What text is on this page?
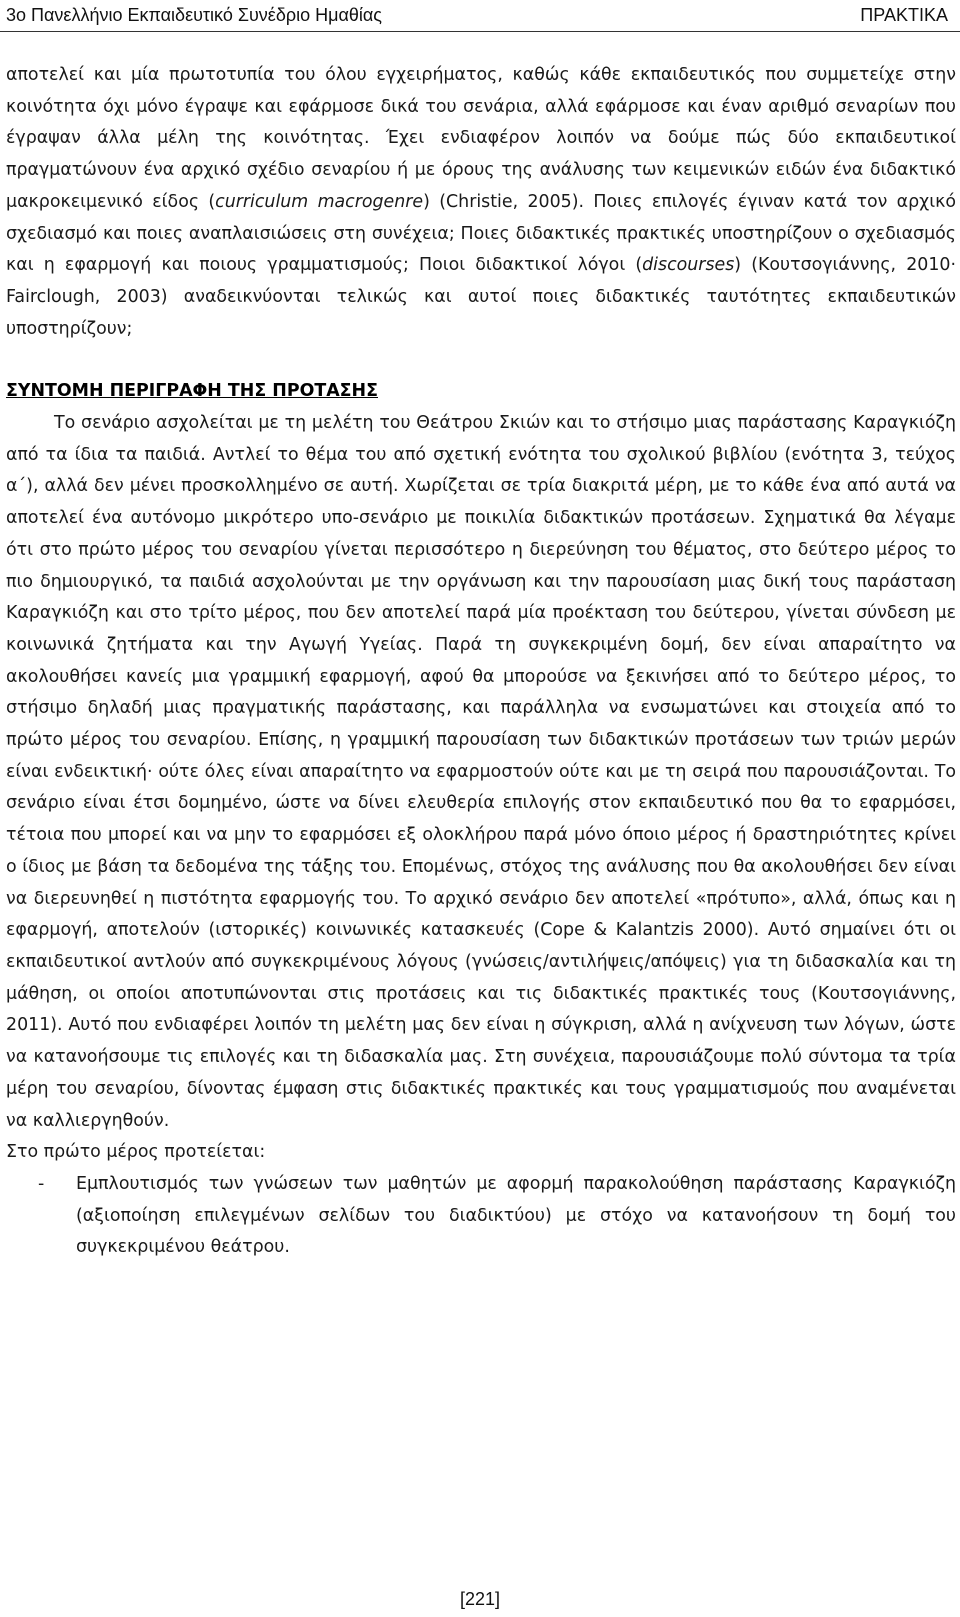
3ο Πανελλήνιο Εκπαιδευτικό Συνέδριο Ημαθίας	ΠΡΑΚΤΙΚΑ

αποτελεί και μία πρωτοτυπία του όλου εγχειρήματος, καθώς κάθε εκπαιδευτικός που συμμετείχε στην κοινότητα όχι μόνο έγραψε και εφάρμοσε δικά του σενάρια, αλλά εφάρμοσε και έναν αριθμό σεναρίων που έγραψαν άλλα μέλη της κοινότητας. Έχει ενδιαφέρον λοιπόν να δούμε πώς δύο εκπαιδευτικοί πραγματώνουν ένα αρχικό σχέδιο σεναρίου ή με όρους της ανάλυσης των κειμενικών ειδών ένα διδακτικό μακροκειμενικό είδος (curriculum macrogenre) (Christie, 2005). Ποιες επιλογές έγιναν κατά τον αρχικό σχεδιασμό και ποιες αναπλαισιώσεις στη συνέχεια; Ποιες διδακτικές πρακτικές υποστηρίζουν ο σχεδιασμός και η εφαρμογή και ποιους γραμματισμούς; Ποιοι διδακτικοί λόγοι (discourses) (Κουτσογιάννης, 2010· Fairclough, 2003) αναδεικνύονται τελικώς και αυτοί ποιες διδακτικές ταυτότητες εκπαιδευτικών υποστηρίζουν;

ΣΥΝΤΟΜΗ ΠΕΡΙΓΡΑΦΗ ΤΗΣ ΠΡΟΤΑΣΗΣ

Το σενάριο ασχολείται με τη μελέτη του Θεάτρου Σκιών και το στήσιμο μιας παράστασης Καραγκιόζη από τα ίδια τα παιδιά. Αντλεί το θέμα του από σχετική ενότητα του σχολικού βιβλίου (ενότητα 3, τεύχος α΄), αλλά δεν μένει προσκολλημένο σε αυτή. Χωρίζεται σε τρία διακριτά μέρη, με το κάθε ένα από αυτά να αποτελεί ένα αυτόνομο μικρότερο υπο-σενάριο με ποικιλία διδακτικών προτάσεων. Σχηματικά θα λέγαμε ότι στο πρώτο μέρος του σεναρίου γίνεται περισσότερο η διερεύνηση του θέματος, στο δεύτερο μέρος το πιο δημιουργικό, τα παιδιά ασχολούνται με την οργάνωση και την παρουσίαση μιας δική τους παράσταση Καραγκιόζη και στο τρίτο μέρος, που δεν αποτελεί παρά μία προέκταση του δεύτερου, γίνεται σύνδεση με κοινωνικά ζητήματα και την Αγωγή Υγείας. Παρά τη συγκεκριμένη δομή, δεν είναι απαραίτητο να ακολουθήσει κανείς μια γραμμική εφαρμογή, αφού θα μπορούσε να ξεκινήσει από το δεύτερο μέρος, το στήσιμο δηλαδή μιας πραγματικής παράστασης, και παράλληλα να ενσωματώνει και στοιχεία από το πρώτο μέρος του σεναρίου. Επίσης, η γραμμική παρουσίαση των διδακτικών προτάσεων των τριών μερών είναι ενδεικτική· ούτε όλες είναι απαραίτητο να εφαρμοστούν ούτε και με τη σειρά που παρουσιάζονται. Το σενάριο είναι έτσι δομημένο, ώστε να δίνει ελευθερία επιλογής στον εκπαιδευτικό που θα το εφαρμόσει, τέτοια που μπορεί και να μην το εφαρμόσει εξ ολοκλήρου παρά μόνο όποιο μέρος ή δραστηριότητες κρίνει ο ίδιος με βάση τα δεδομένα της τάξης του. Επομένως, στόχος της ανάλυσης που θα ακολουθήσει δεν είναι να διερευνηθεί η πιστότητα εφαρμογής του. Το αρχικό σενάριο δεν αποτελεί «πρότυπο», αλλά, όπως και η εφαρμογή, αποτελούν (ιστορικές) κοινωνικές κατασκευές (Cope & Kalantzis 2000). Αυτό σημαίνει ότι οι εκπαιδευτικοί αντλούν από συγκεκριμένους λόγους (γνώσεις/αντιλήψεις/απόψεις) για τη διδασκαλία και τη μάθηση, οι οποίοι αποτυπώνονται στις προτάσεις και τις διδακτικές πρακτικές τους (Κουτσογιάννης, 2011). Αυτό που ενδιαφέρει λοιπόν τη μελέτη μας δεν είναι η σύγκριση, αλλά η ανίχνευση των λόγων, ώστε να κατανοήσουμε τις επιλογές και τη διδασκαλία μας. Στη συνέχεια, παρουσιάζουμε πολύ σύντομα τα τρία μέρη του σεναρίου, δίνοντας έμφαση στις διδακτικές πρακτικές και τους γραμματισμούς που αναμένεται να καλλιεργηθούν.

Στο πρώτο μέρος προτείεται:

-	Εμπλουτισμός των γνώσεων των μαθητών με αφορμή παρακολούθηση παράστασης Καραγκιόζη (αξιοποίηση επιλεγμένων σελίδων του διαδικτύου) με στόχο να κατανοήσουν τη δομή του συγκεκριμένου θεάτρου.
[221]
